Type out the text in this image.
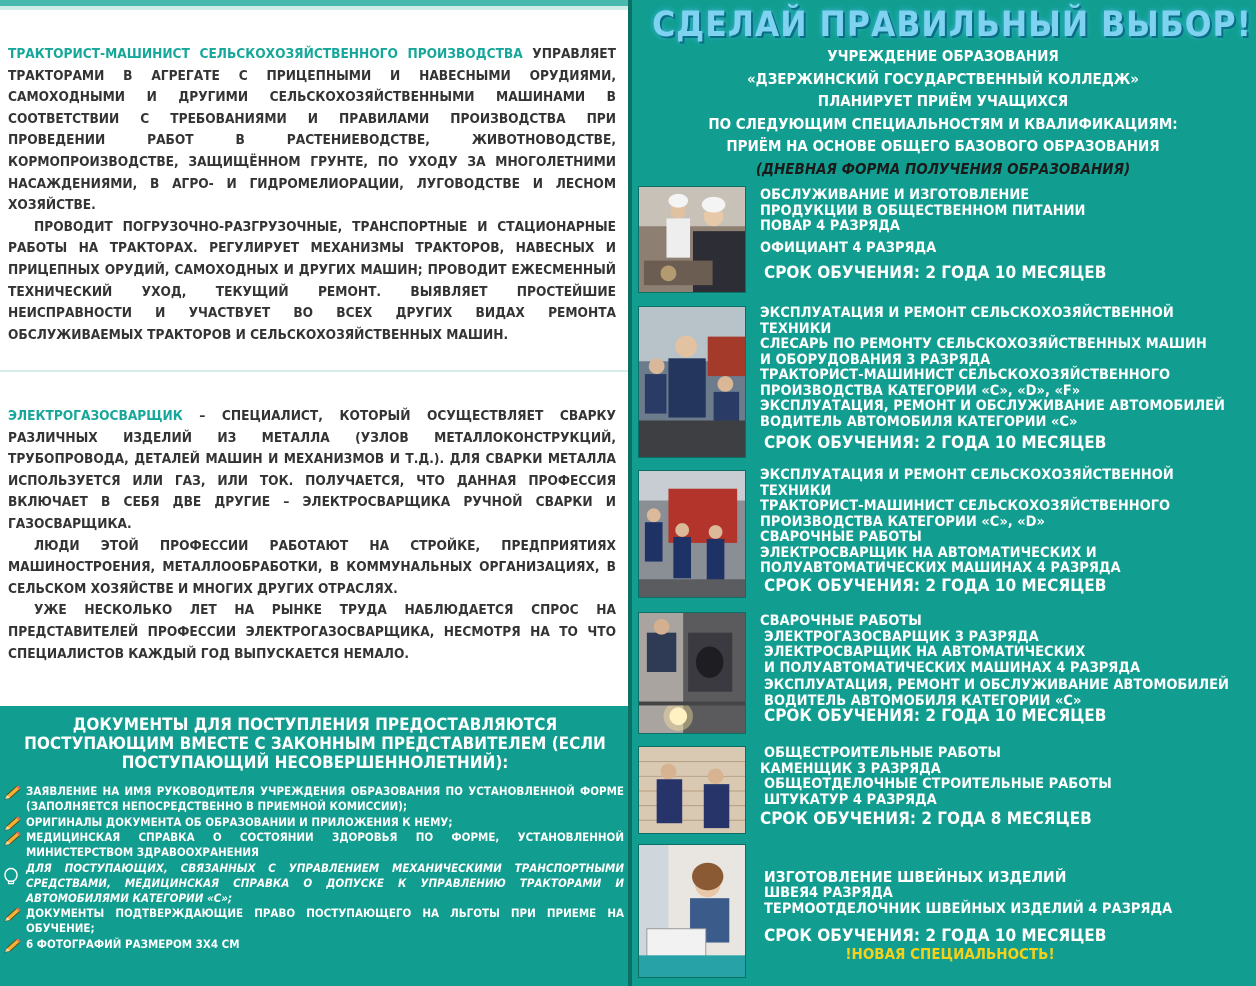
ТРАКТОРИСТ-МАШИНИСТ СЕЛЬСКОХОЗЯЙСТВЕННОГО ПРОИЗВОДСТВА УПРАВЛЯЕТ ТРАКТОРАМИ В АГРЕГАТЕ С ПРИЦЕПНЫМИ И НАВЕСНЫМИ ОРУДИЯМИ, САМОХОДНЫМИ И ДРУГИМИ СЕЛЬСКОХОЗЯЙСТВЕННЫМИ МАШИНАМИ В СООТВЕТСТВИИ С ТРЕБОВАНИЯМИ И ПРАВИЛАМИ ПРОИЗВОДСТВА ПРИ ПРОВЕДЕНИИ РАБОТ В РАСТЕНИЕВОДСТВЕ, ЖИВОТНОВОДСТВЕ, КОРМОПРОИЗВОДСТВЕ, ЗАЩИЩЁННОМ ГРУНТЕ, ПО УХОДУ ЗА МНОГОЛЕТНИМИ НАСАЖДЕНИЯМИ, В АГРО- И ГИДРОМЕЛИОРАЦИИ, ЛУГОВОДСТВЕ И ЛЕСНОМ ХОЗЯЙСТВЕ.

ПРОВОДИТ ПОГРУЗОЧНО-РАЗГРУЗОЧНЫЕ, ТРАНСПОРТНЫЕ И СТАЦИОНАРНЫЕ РАБОТЫ НА ТРАКТОРАХ. РЕГУЛИРУЕТ МЕХАНИЗМЫ ТРАКТОРОВ, НАВЕСНЫХ И ПРИЦЕПНЫХ ОРУДИЙ, САМОХОДНЫХ И ДРУГИХ МАШИН; ПРОВОДИТ ЕЖЕСМЕННЫЙ ТЕХНИЧЕСКИЙ УХОД, ТЕКУЩИЙ РЕМОНТ. ВЫЯВЛЯЕТ ПРОСТЕЙШИЕ НЕИСПРАВНОСТИ И УЧАСТВУЕТ ВО ВСЕХ ДРУГИХ ВИДАХ РЕМОНТА ОБСЛУЖИВАЕМЫХ ТРАКТОРОВ И СЕЛЬСКОХОЗЯЙСТВЕННЫХ МАШИН.

ЭЛЕКТРОГАЗОСВАРЩИК – СПЕЦИАЛИСТ, КОТОРЫЙ ОСУЩЕСТВЛЯЕТ СВАРКУ РАЗЛИЧНЫХ ИЗДЕЛИЙ ИЗ МЕТАЛЛА (УЗЛОВ МЕТАЛЛОКОНСТРУКЦИЙ, ТРУБОПРОВОДА, ДЕТАЛЕЙ МАШИН И МЕХАНИЗМОВ И Т.Д.). ДЛЯ СВАРКИ МЕТАЛЛА ИСПОЛЬЗУЕТСЯ ИЛИ ГАЗ, ИЛИ ТОК. ПОЛУЧАЕТСЯ, ЧТО ДАННАЯ ПРОФЕССИЯ ВКЛЮЧАЕТ В СЕБЯ ДВЕ ДРУГИЕ – ЭЛЕКТРОСВАРЩИКА РУЧНОЙ СВАРКИ И ГАЗОСВАРЩИКА.

ЛЮДИ ЭТОЙ ПРОФЕССИИ РАБОТАЮТ НА СТРОЙКЕ, ПРЕДПРИЯТИЯХ МАШИНОСТРОЕНИЯ, МЕТАЛЛООБРАБОТКИ, В КОММУНАЛЬНЫХ ОРГАНИЗАЦИЯХ, В СЕЛЬСКОМ ХОЗЯЙСТВЕ И МНОГИХ ДРУГИХ ОТРАСЛЯХ.

УЖЕ НЕСКОЛЬКО ЛЕТ НА РЫНКЕ ТРУДА НАБЛЮДАЕТСЯ СПРОС НА ПРЕДСТАВИТЕЛЕЙ ПРОФЕССИИ ЭЛЕКТРОГАЗОСВАРЩИКА, НЕСМОТРЯ НА ТО ЧТО СПЕЦИАЛИСТОВ КАЖДЫЙ ГОД ВЫПУСКАЕТСЯ НЕМАЛО.

ДОКУМЕНТЫ ДЛЯ ПОСТУПЛЕНИЯ ПРЕДОСТАВЛЯЮТСЯ ПОСТУПАЮЩИМ ВМЕСТЕ С ЗАКОННЫМ ПРЕДСТАВИТЕЛЕМ (ЕСЛИ ПОСТУПАЮЩИЙ НЕСОВЕРШЕННОЛЕТНИЙ):
ЗАЯВЛЕНИЕ НА ИМЯ РУКОВОДИТЕЛЯ УЧРЕЖДЕНИЯ ОБРАЗОВАНИЯ ПО УСТАНОВЛЕННОЙ ФОРМЕ (ЗАПОЛНЯЕТСЯ НЕПОСРЕДСТВЕННО В ПРИЕМНОЙ КОМИССИИ);
ОРИГИНАЛЫ ДОКУМЕНТА ОБ ОБРАЗОВАНИИ И ПРИЛОЖЕНИЯ К НЕМУ;
МЕДИЦИНСКАЯ СПРАВКА О СОСТОЯНИИ ЗДОРОВЬЯ ПО ФОРМЕ, УСТАНОВЛЕННОЙ МИНИСТЕРСТВОМ ЗДРАВООХРАНЕНИЯ
ДЛЯ ПОСТУПАЮЩИХ, СВЯЗАННЫХ С УПРАВЛЕНИЕМ МЕХАНИЧЕСКИМИ ТРАНСПОРТНЫМИ СРЕДСТВАМИ, МЕДИЦИНСКАЯ СПРАВКА О ДОПУСКЕ К УПРАВЛЕНИЮ ТРАКТОРАМИ И АВТОМОБИЛЯМИ КАТЕГОРИИ «С»;
ДОКУМЕНТЫ ПОДТВЕРЖДАЮЩИЕ ПРАВО ПОСТУПАЮЩЕГО НА ЛЬГОТЫ ПРИ ПРИЕМЕ НА ОБУЧЕНИЕ;
6 ФОТОГРАФИЙ РАЗМЕРОМ 3Х4 СМ
СДЕЛАЙ ПРАВИЛЬНЫЙ ВЫБОР!
УЧРЕЖДЕНИЕ ОБРАЗОВАНИЯ
«ДЗЕРЖИНСКИЙ ГОСУДАРСТВЕННЫЙ КОЛЛЕДЖ»
ПЛАНИРУЕТ ПРИЁМ УЧАЩИХСЯ
ПО СЛЕДУЮЩИМ СПЕЦИАЛЬНОСТЯМ И КВАЛИФИКАЦИЯМ:
ПРИЁМ НА ОСНОВЕ ОБЩЕГО БАЗОВОГО ОБРАЗОВАНИЯ
(ДНЕВНАЯ ФОРМА ПОЛУЧЕНИЯ ОБРАЗОВАНИЯ)
ОБСЛУЖИВАНИЕ И ИЗГОТОВЛЕНИЕ
ПРОДУКЦИИ В ОБЩЕСТВЕННОМ ПИТАНИИ
ПОВАР 4 РАЗРЯДА
ОФИЦИАНТ 4 РАЗРЯДА
СРОК ОБУЧЕНИЯ: 2 ГОДА 10 МЕСЯЦЕВ
ЭКСПЛУАТАЦИЯ И РЕМОНТ СЕЛЬСКОХОЗЯЙСТВЕННОЙ
ТЕХНИКИ
СЛЕСАРЬ ПО РЕМОНТУ СЕЛЬСКОХОЗЯЙСТВЕННЫХ МАШИН
И ОБОРУДОВАНИЯ 3 РАЗРЯДА
ТРАКТОРИСТ-МАШИНИСТ СЕЛЬСКОХОЗЯЙСТВЕННОГО
ПРОИЗВОДСТВА КАТЕГОРИИ «С», «D», «F»
ЭКСПЛУАТАЦИЯ, РЕМОНТ И ОБСЛУЖИВАНИЕ АВТОМОБИЛЕЙ
ВОДИТЕЛЬ АВТОМОБИЛЯ КАТЕГОРИИ «С»
СРОК ОБУЧЕНИЯ: 2 ГОДА 10 МЕСЯЦЕВ
ЭКСПЛУАТАЦИЯ И РЕМОНТ СЕЛЬСКОХОЗЯЙСТВЕННОЙ
ТЕХНИКИ
ТРАКТОРИСТ-МАШИНИСТ СЕЛЬСКОХОЗЯЙСТВЕННОГО
ПРОИЗВОДСТВА КАТЕГОРИИ «С», «D»
СВАРОЧНЫЕ РАБОТЫ
ЭЛЕКТРОСВАРЩИК НА АВТОМАТИЧЕСКИХ И
ПОЛУАВТОМАТИЧЕСКИХ МАШИНАХ 4 РАЗРЯДА
СРОК ОБУЧЕНИЯ: 2 ГОДА 10 МЕСЯЦЕВ
СВАРОЧНЫЕ РАБОТЫ
ЭЛЕКТРОГАЗОСВАРЩИК 3 РАЗРЯДА
ЭЛЕКТРОСВАРЩИК НА АВТОМАТИЧЕСКИХ
И ПОЛУАВТОМАТИЧЕСКИХ МАШИНАХ 4 РАЗРЯДА
ЭКСПЛУАТАЦИЯ, РЕМОНТ И ОБСЛУЖИВАНИЕ АВТОМОБИЛЕЙ
ВОДИТЕЛЬ АВТОМОБИЛЯ КАТЕГОРИИ «С»
СРОК ОБУЧЕНИЯ: 2 ГОДА 10 МЕСЯЦЕВ
ОБЩЕСТРОИТЕЛЬНЫЕ РАБОТЫ
КАМЕНЩИК 3 РАЗРЯДА
ОБЩЕОТДЕЛОЧНЫЕ СТРОИТЕЛЬНЫЕ РАБОТЫ
ШТУКАТУР 4 РАЗРЯДА
СРОК ОБУЧЕНИЯ: 2 ГОДА 8 МЕСЯЦЕВ
ИЗГОТОВЛЕНИЕ ШВЕЙНЫХ ИЗДЕЛИЙ
ШВЕЯ4 РАЗРЯДА
ТЕРМООТДЕЛОЧНИК ШВЕЙНЫХ ИЗДЕЛИЙ 4 РАЗРЯДА
СРОК ОБУЧЕНИЯ: 2 ГОДА 10 МЕСЯЦЕВ
!НОВАЯ СПЕЦИАЛЬНОСТЬ!
